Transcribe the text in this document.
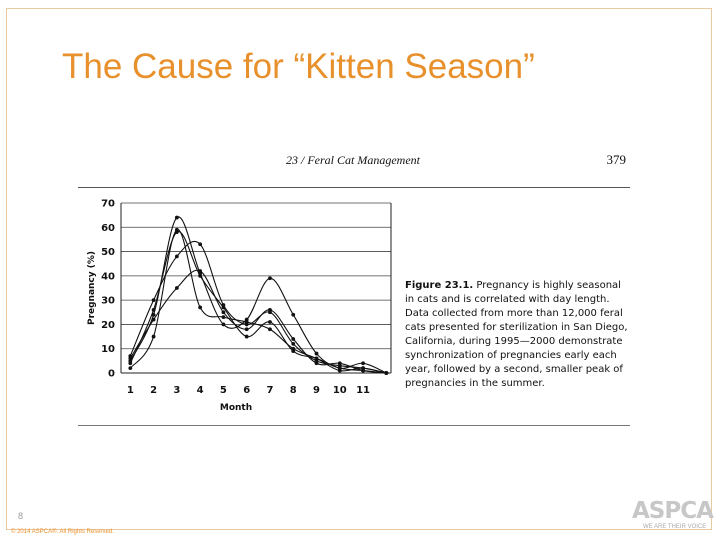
The Cause for “Kitten Season”
23 / Feral Cat Management	379
0
10
20
30
40
50
60
70
1 2 3 4 5 6 7 8 9 10 11
Month
Pregnancy (%)	Figure 23.1. Pregnancy is highly seasonal in cats and is correlated with day length. Data collected from more than 12,000 feral cats presented for sterilization in San Diego, California, during 1995—2000 demonstrate synchronization of pregnancies early each year, followed by a second, smaller peak of pregnancies in the summer.
8
© 2014 ASPCA®. All Rights Reserved.
ASPCA
WE ARE THEIR VOICE
